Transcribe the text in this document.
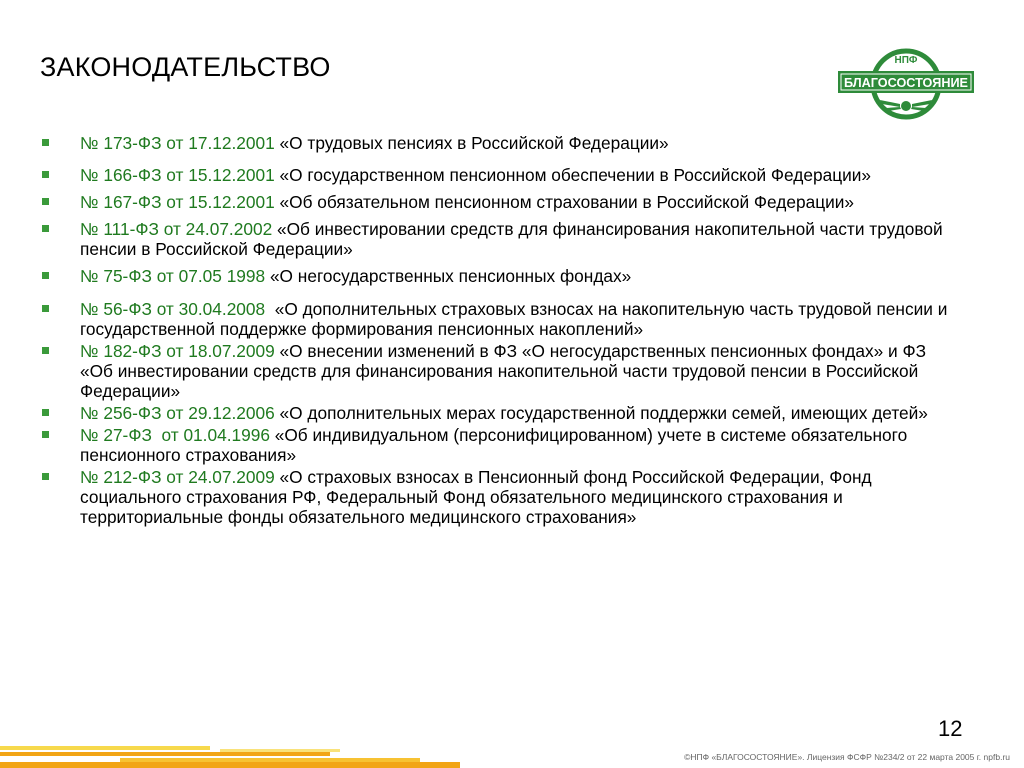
ЗАКОНОДАТЕЛЬСТВО	НПФ
БЛАГОСОСТОЯНИЕ
№ 173-ФЗ от 17.12.2001 «О трудовых пенсиях в Российской Федерации»
№ 166-ФЗ от 15.12.2001 «О государственном пенсионном обеспечении в Российской Федерации»
№ 167-ФЗ от 15.12.2001 «Об обязательном пенсионном страховании в Российской Федерации»
№ 111-ФЗ от 24.07.2002 «Об инвестировании средств для финансирования накопительной части трудовой пенсии в Российской Федерации»
№ 75-ФЗ от 07.05 1998 «О негосударственных пенсионных фондах»
№ 56-ФЗ от 30.04.2008  «О дополнительных страховых взносах на накопительную часть трудовой пенсии и государственной поддержке формирования пенсионных накоплений»
№ 182-ФЗ от 18.07.2009 «О внесении изменений в ФЗ «О негосударственных пенсионных фондах» и ФЗ «Об инвестировании средств для финансирования накопительной части трудовой пенсии в Российской Федерации»
№ 256-ФЗ от 29.12.2006 «О дополнительных мерах государственной поддержки семей, имеющих детей»
№ 27-ФЗ  от 01.04.1996 «Об индивидуальном (персонифицированном) учете в системе обязательного пенсионного страхования»
№ 212-ФЗ от 24.07.2009 «О страховых взносах в Пенсионный фонд Российской Федерации, Фонд социального страхования РФ, Федеральный Фонд обязательного медицинского страхования и территориальные фонды обязательного медицинского страхования»
12
©НПФ «БЛАГОСОСТОЯНИЕ». Лицензия ФСФР №234/2 от 22 марта 2005 г. npfb.ru
